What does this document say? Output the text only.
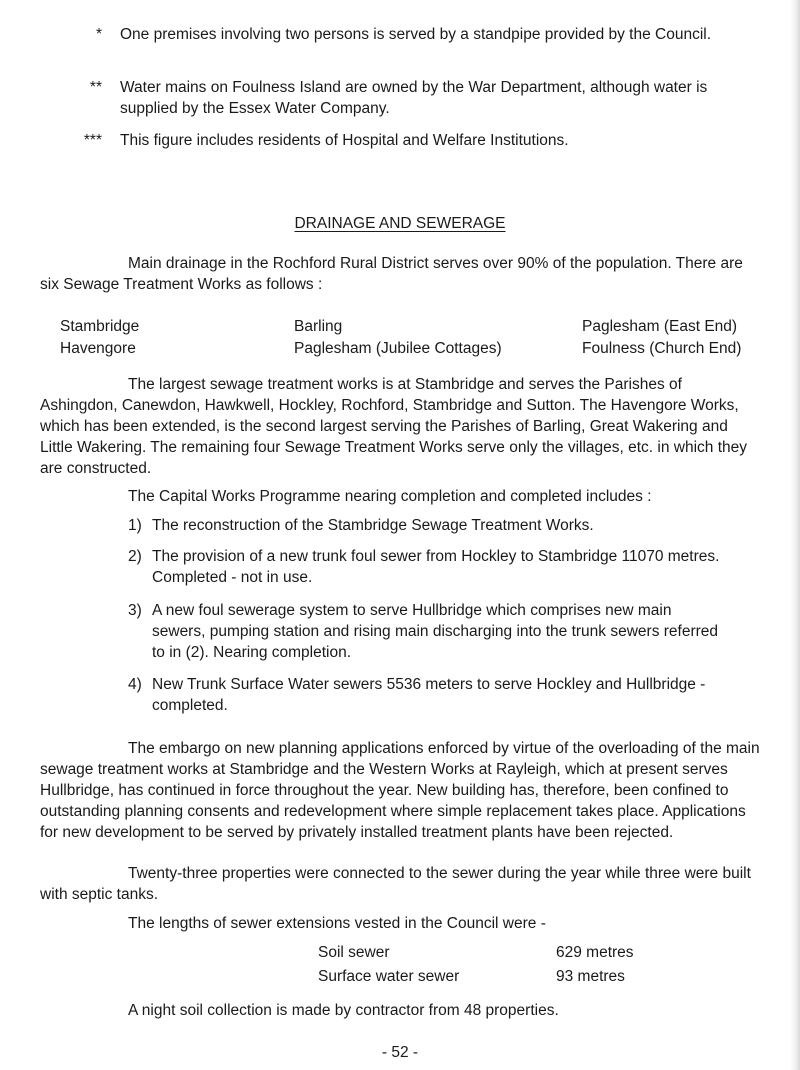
* One premises involving two persons is served by a standpipe provided by the Council.
** Water mains on Foulness Island are owned by the War Department, although water is supplied by the Essex Water Company.
*** This figure includes residents of Hospital and Welfare Institutions.
DRAINAGE AND SEWERAGE
Main drainage in the Rochford Rural District serves over 90% of the population. There are six Sewage Treatment Works as follows :
Stambridge	Barling	Paglesham (East End)
Havengore	Paglesham (Jubilee Cottages)	Foulness (Church End)
The largest sewage treatment works is at Stambridge and serves the Parishes of Ashingdon, Canewdon, Hawkwell, Hockley, Rochford, Stambridge and Sutton. The Havengore Works, which has been extended, is the second largest serving the Parishes of Barling, Great Wakering and Little Wakering. The remaining four Sewage Treatment Works serve only the villages, etc. in which they are constructed.
The Capital Works Programme nearing completion and completed includes :
1) The reconstruction of the Stambridge Sewage Treatment Works.
2) The provision of a new trunk foul sewer from Hockley to Stambridge 11070 metres. Completed - not in use.
3) A new foul sewerage system to serve Hullbridge which comprises new main sewers, pumping station and rising main discharging into the trunk sewers referred to in (2). Nearing completion.
4) New Trunk Surface Water sewers 5536 meters to serve Hockley and Hullbridge - completed.
The embargo on new planning applications enforced by virtue of the overloading of the main sewage treatment works at Stambridge and the Western Works at Rayleigh, which at present serves Hullbridge, has continued in force throughout the year. New building has, therefore, been confined to outstanding planning consents and redevelopment where simple replacement takes place. Applications for new development to be served by privately installed treatment plants have been rejected.
Twenty-three properties were connected to the sewer during the year while three were built with septic tanks.
The lengths of sewer extensions vested in the Council were -
Soil sewer	629 metres
Surface water sewer	93 metres
A night soil collection is made by contractor from 48 properties.
- 52 -
